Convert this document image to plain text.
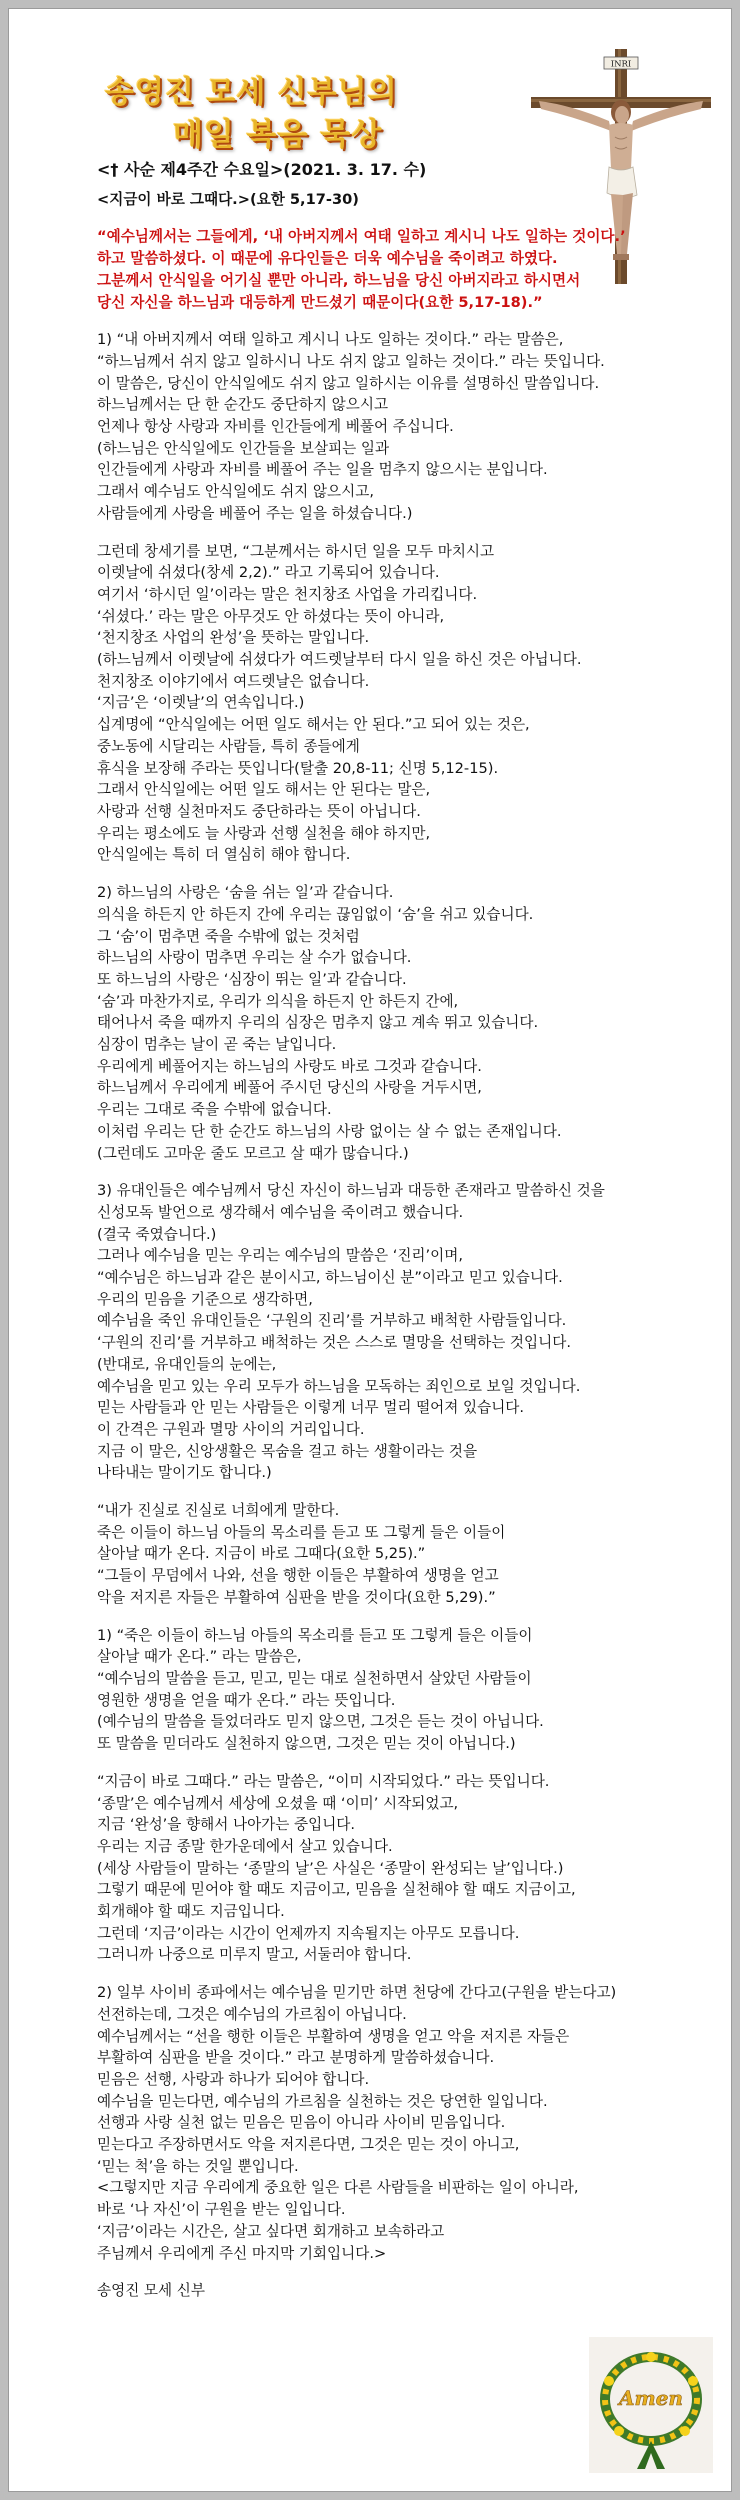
송영진 모세 신부님의
매일 복음 묵상
INRI

<† 사순 제4주간 수요일>(2021. 3. 17. 수)

<지금이 바로 그때다.>(요한 5,17-30)

“예수님께서는 그들에게, ‘내 아버지께서 여태 일하고 계시니 나도 일하는 것이다.’
하고 말씀하셨다. 이 때문에 유다인들은 더욱 예수님을 죽이려고 하였다.
그분께서 안식일을 어기실 뿐만 아니라, 하느님을 당신 아버지라고 하시면서
당신 자신을 하느님과 대등하게 만드셨기 때문이다(요한 5,17-18).”

1) “내 아버지께서 여태 일하고 계시니 나도 일하는 것이다.” 라는 말씀은,
“하느님께서 쉬지 않고 일하시니 나도 쉬지 않고 일하는 것이다.” 라는 뜻입니다.
이 말씀은, 당신이 안식일에도 쉬지 않고 일하시는 이유를 설명하신 말씀입니다.
하느님께서는 단 한 순간도 중단하지 않으시고
언제나 항상 사랑과 자비를 인간들에게 베풀어 주십니다.
(하느님은 안식일에도 인간들을 보살피는 일과
인간들에게 사랑과 자비를 베풀어 주는 일을 멈추지 않으시는 분입니다.
그래서 예수님도 안식일에도 쉬지 않으시고,
사람들에게 사랑을 베풀어 주는 일을 하셨습니다.)

그런데 창세기를 보면, “그분께서는 하시던 일을 모두 마치시고
이렛날에 쉬셨다(창세 2,2).” 라고 기록되어 있습니다.
여기서 ‘하시던 일’이라는 말은 천지창조 사업을 가리킵니다.
‘쉬셨다.’ 라는 말은 아무것도 안 하셨다는 뜻이 아니라,
‘천지창조 사업의 완성’을 뜻하는 말입니다.
(하느님께서 이렛날에 쉬셨다가 여드렛날부터 다시 일을 하신 것은 아닙니다.
천지창조 이야기에서 여드렛날은 없습니다.
‘지금’은 ‘이렛날’의 연속입니다.)
십계명에 “안식일에는 어떤 일도 해서는 안 된다.”고 되어 있는 것은,
중노동에 시달리는 사람들, 특히 종들에게
휴식을 보장해 주라는 뜻입니다(탈출 20,8-11; 신명 5,12-15).
그래서 안식일에는 어떤 일도 해서는 안 된다는 말은,
사랑과 선행 실천마저도 중단하라는 뜻이 아닙니다.
우리는 평소에도 늘 사랑과 선행 실천을 해야 하지만,
안식일에는 특히 더 열심히 해야 합니다.

2) 하느님의 사랑은 ‘숨을 쉬는 일’과 같습니다.
의식을 하든지 안 하든지 간에 우리는 끊임없이 ‘숨’을 쉬고 있습니다.
그 ‘숨’이 멈추면 죽을 수밖에 없는 것처럼
하느님의 사랑이 멈추면 우리는 살 수가 없습니다.
또 하느님의 사랑은 ‘심장이 뛰는 일’과 같습니다.
‘숨’과 마찬가지로, 우리가 의식을 하든지 안 하든지 간에,
태어나서 죽을 때까지 우리의 심장은 멈추지 않고 계속 뛰고 있습니다.
심장이 멈추는 날이 곧 죽는 날입니다.
우리에게 베풀어지는 하느님의 사랑도 바로 그것과 같습니다.
하느님께서 우리에게 베풀어 주시던 당신의 사랑을 거두시면,
우리는 그대로 죽을 수밖에 없습니다.
이처럼 우리는 단 한 순간도 하느님의 사랑 없이는 살 수 없는 존재입니다.
(그런데도 고마운 줄도 모르고 살 때가 많습니다.)

3) 유대인들은 예수님께서 당신 자신이 하느님과 대등한 존재라고 말씀하신 것을
신성모독 발언으로 생각해서 예수님을 죽이려고 했습니다.
(결국 죽였습니다.)
그러나 예수님을 믿는 우리는 예수님의 말씀은 ‘진리’이며,
“예수님은 하느님과 같은 분이시고, 하느님이신 분”이라고 믿고 있습니다.
우리의 믿음을 기준으로 생각하면,
예수님을 죽인 유대인들은 ‘구원의 진리’를 거부하고 배척한 사람들입니다.
‘구원의 진리’를 거부하고 배척하는 것은 스스로 멸망을 선택하는 것입니다.
(반대로, 유대인들의 눈에는,
예수님을 믿고 있는 우리 모두가 하느님을 모독하는 죄인으로 보일 것입니다.
믿는 사람들과 안 믿는 사람들은 이렇게 너무 멀리 떨어져 있습니다.
이 간격은 구원과 멸망 사이의 거리입니다.
지금 이 말은, 신앙생활은 목숨을 걸고 하는 생활이라는 것을
나타내는 말이기도 합니다.)

“내가 진실로 진실로 너희에게 말한다.
죽은 이들이 하느님 아들의 목소리를 듣고 또 그렇게 들은 이들이
살아날 때가 온다. 지금이 바로 그때다(요한 5,25).”
“그들이 무덤에서 나와, 선을 행한 이들은 부활하여 생명을 얻고
악을 저지른 자들은 부활하여 심판을 받을 것이다(요한 5,29).”

1) “죽은 이들이 하느님 아들의 목소리를 듣고 또 그렇게 들은 이들이
살아날 때가 온다.” 라는 말씀은,
“예수님의 말씀을 듣고, 믿고, 믿는 대로 실천하면서 살았던 사람들이
영원한 생명을 얻을 때가 온다.” 라는 뜻입니다.
(예수님의 말씀을 들었더라도 믿지 않으면, 그것은 듣는 것이 아닙니다.
또 말씀을 믿더라도 실천하지 않으면, 그것은 믿는 것이 아닙니다.)

“지금이 바로 그때다.” 라는 말씀은, “이미 시작되었다.” 라는 뜻입니다.
‘종말’은 예수님께서 세상에 오셨을 때 ‘이미’ 시작되었고,
지금 ‘완성’을 향해서 나아가는 중입니다.
우리는 지금 종말 한가운데에서 살고 있습니다.
(세상 사람들이 말하는 ‘종말의 날’은 사실은 ‘종말이 완성되는 날’입니다.)
그렇기 때문에 믿어야 할 때도 지금이고, 믿음을 실천해야 할 때도 지금이고,
회개해야 할 때도 지금입니다.
그런데 ‘지금’이라는 시간이 언제까지 지속될지는 아무도 모릅니다.
그러니까 나중으로 미루지 말고, 서둘러야 합니다.

2) 일부 사이비 종파에서는 예수님을 믿기만 하면 천당에 간다고(구원을 받는다고)
선전하는데, 그것은 예수님의 가르침이 아닙니다.
예수님께서는 “선을 행한 이들은 부활하여 생명을 얻고 악을 저지른 자들은
부활하여 심판을 받을 것이다.” 라고 분명하게 말씀하셨습니다.
믿음은 선행, 사랑과 하나가 되어야 합니다.
예수님을 믿는다면, 예수님의 가르침을 실천하는 것은 당연한 일입니다.
선행과 사랑 실천 없는 믿음은 믿음이 아니라 사이비 믿음입니다.
믿는다고 주장하면서도 악을 저지른다면, 그것은 믿는 것이 아니고,
‘믿는 척’을 하는 것일 뿐입니다.
<그렇지만 지금 우리에게 중요한 일은 다른 사람들을 비판하는 일이 아니라,
바로 ‘나 자신’이 구원을 받는 일입니다.
‘지금’이라는 시간은, 살고 싶다면 회개하고 보속하라고
주님께서 우리에게 주신 마지막 기회입니다.>

송영진 모세 신부

Amen
